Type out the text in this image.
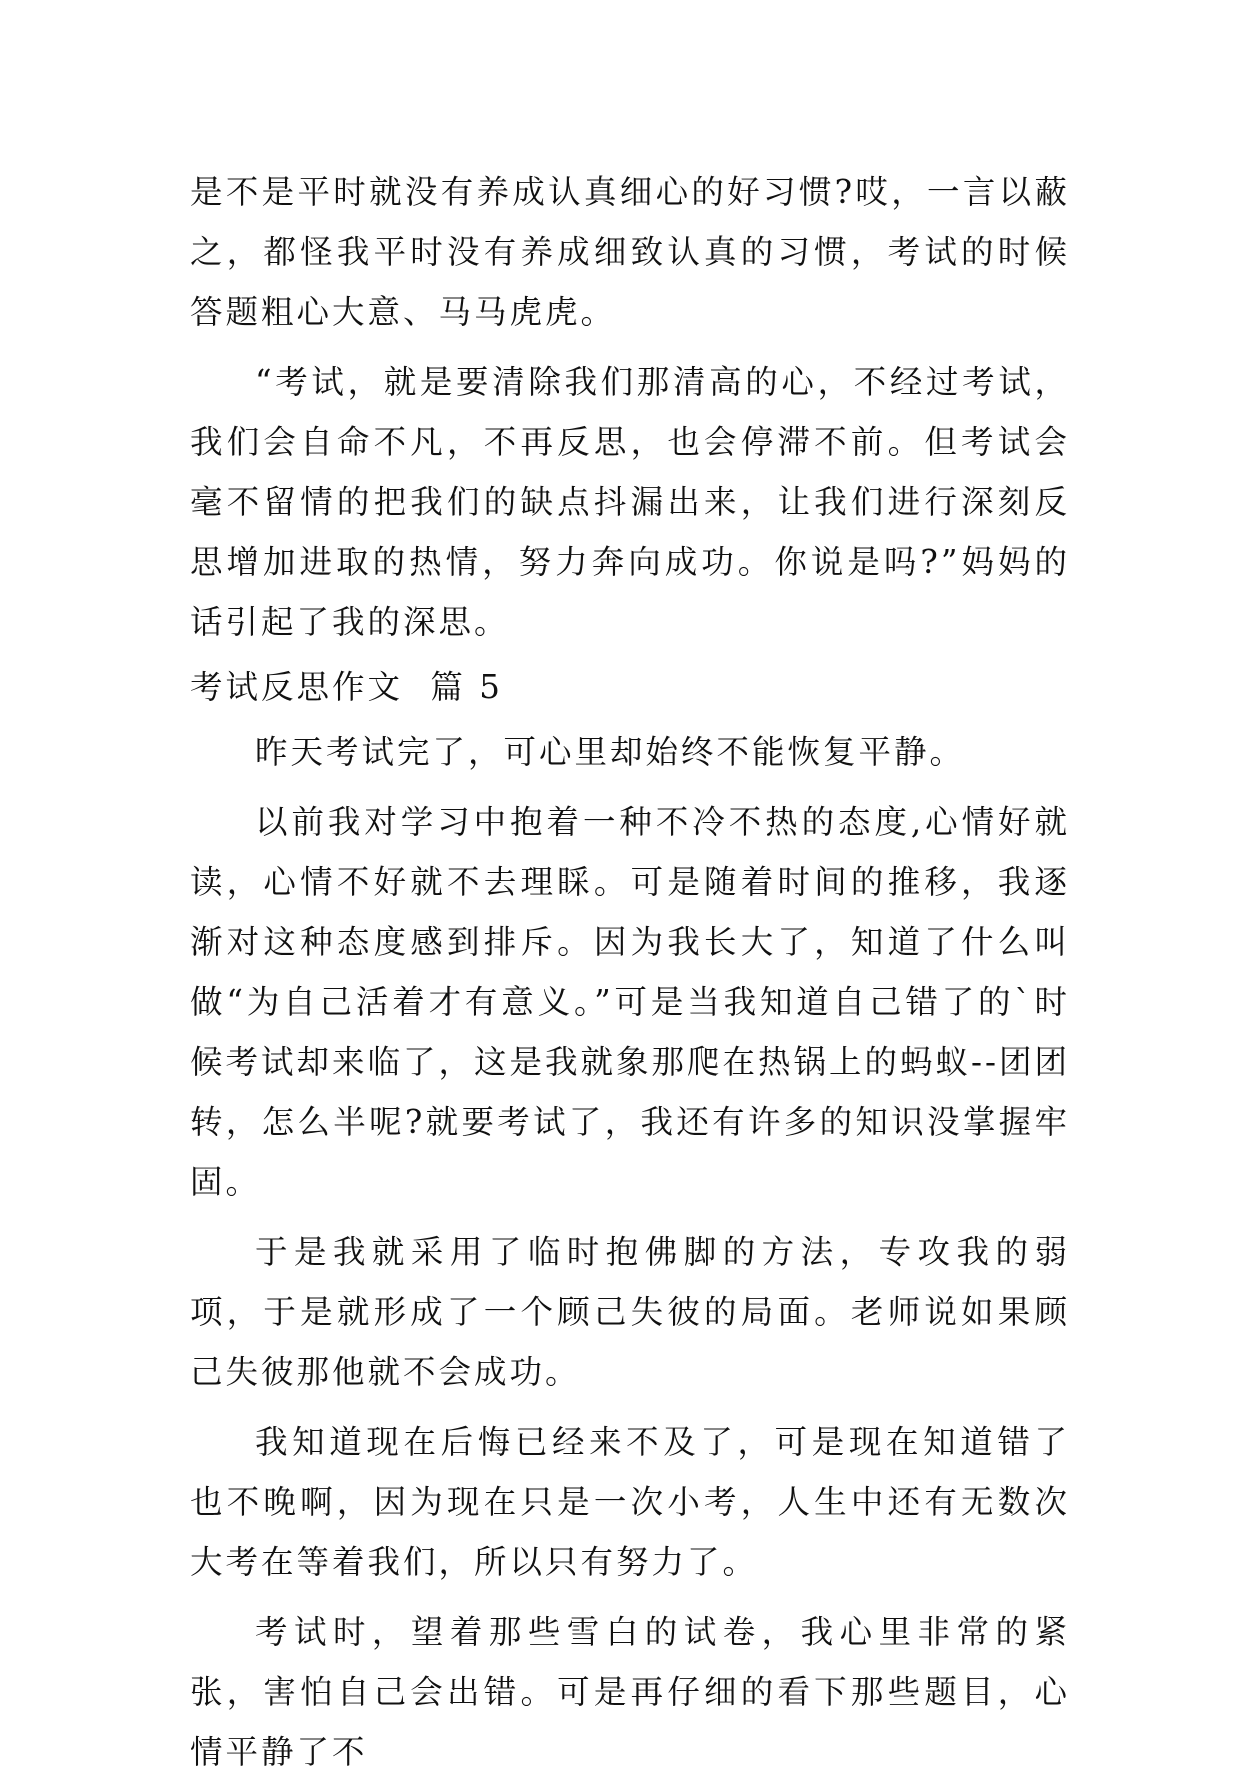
是不是平时就没有养成认真细心的好习惯?哎，一言以蔽之，都怪我平时没有养成细致认真的习惯，考试的时候答题粗心大意、马马虎虎。

“考试，就是要清除我们那清高的心，不经过考试，我们会自命不凡，不再反思，也会停滞不前。但考试会毫不留情的把我们的缺点抖漏出来，让我们进行深刻反思增加进取的热情，努力奔向成功。你说是吗?”妈妈的话引起了我的深思。

考试反思作文 篇 5

昨天考试完了，可心里却始终不能恢复平静。

以前我对学习中抱着一种不冷不热的态度,心情好就读，心情不好就不去理睬。可是随着时间的推移，我逐渐对这种态度感到排斥。因为我长大了，知道了什么叫做“为自己活着才有意义。”可是当我知道自己错了的`时候考试却来临了，这是我就象那爬在热锅上的蚂蚁--团团转，怎么半呢?就要考试了，我还有许多的知识没掌握牢固。

于是我就采用了临时抱佛脚的方法，专攻我的弱项，于是就形成了一个顾己失彼的局面。老师说如果顾己失彼那他就不会成功。

我知道现在后悔已经来不及了，可是现在知道错了也不晚啊，因为现在只是一次小考，人生中还有无数次大考在等着我们，所以只有努力了。

考试时，望着那些雪白的试卷，我心里非常的紧张，害怕自己会出错。可是再仔细的看下那些题目，心情平静了不
